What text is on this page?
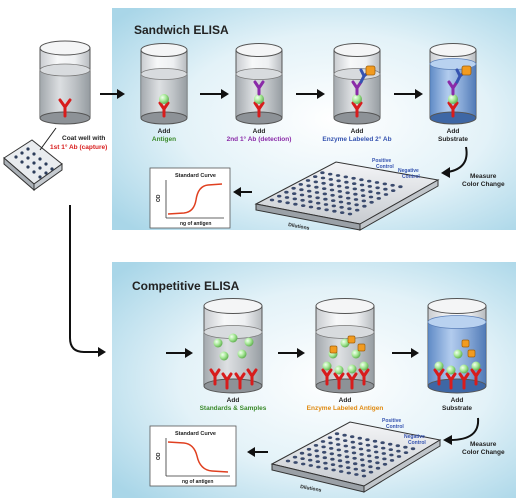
Sandwich ELISA
Competitive ELISA
Coat well with
1st 1° Ab (capture)
Add
Antigen
Add
2nd 1° Ab (detection)
Add
Enzyme Labeled 2° Ab
Add
Substrate
Measure
Color Change
Positive
Control
Negative
Control
Dilutions
Standard Curve
OD
ng of antigen
Add
Standards & Samples
Add
Enzyme Labeled Antigen
Add
Substrate
Measure
Color Change
Positive
Control
Negative
Control
Dilutions
Standard Curve
OD
ng of antigen
